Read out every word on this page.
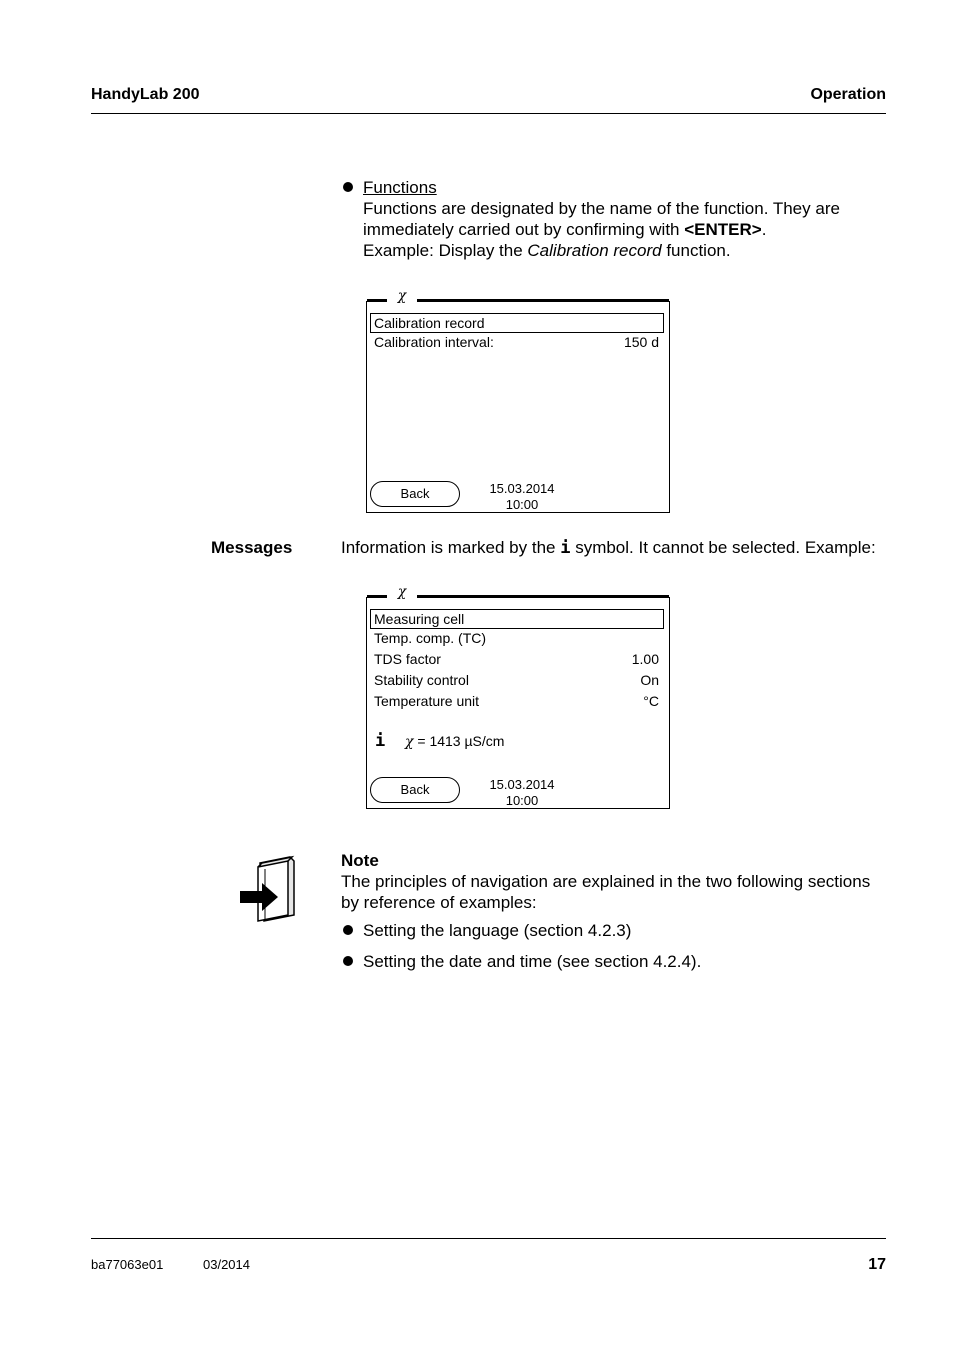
HandyLab 200	Operation
Functions
Functions are designated by the name of the function. They are
immediately carried out by confirming with <ENTER>.
Example: Display the Calibration record function.
χ
Calibration record
Calibration interval:	150 d
Back	15.03.2014
10:00
Messages	Information is marked by the i symbol. It cannot be selected. Example:
χ
Measuring cell
Temp. comp. (TC)
TDS factor	1.00
Stability control	On
Temperature unit	°C
i χ = 1413 µS/cm
Back	15.03.2014
10:00
Note
The principles of navigation are explained in the two following sections
by reference of examples:
Setting the language (section 4.2.3)
Setting the date and time (see section 4.2.4).
ba77063e01	03/2014	17
